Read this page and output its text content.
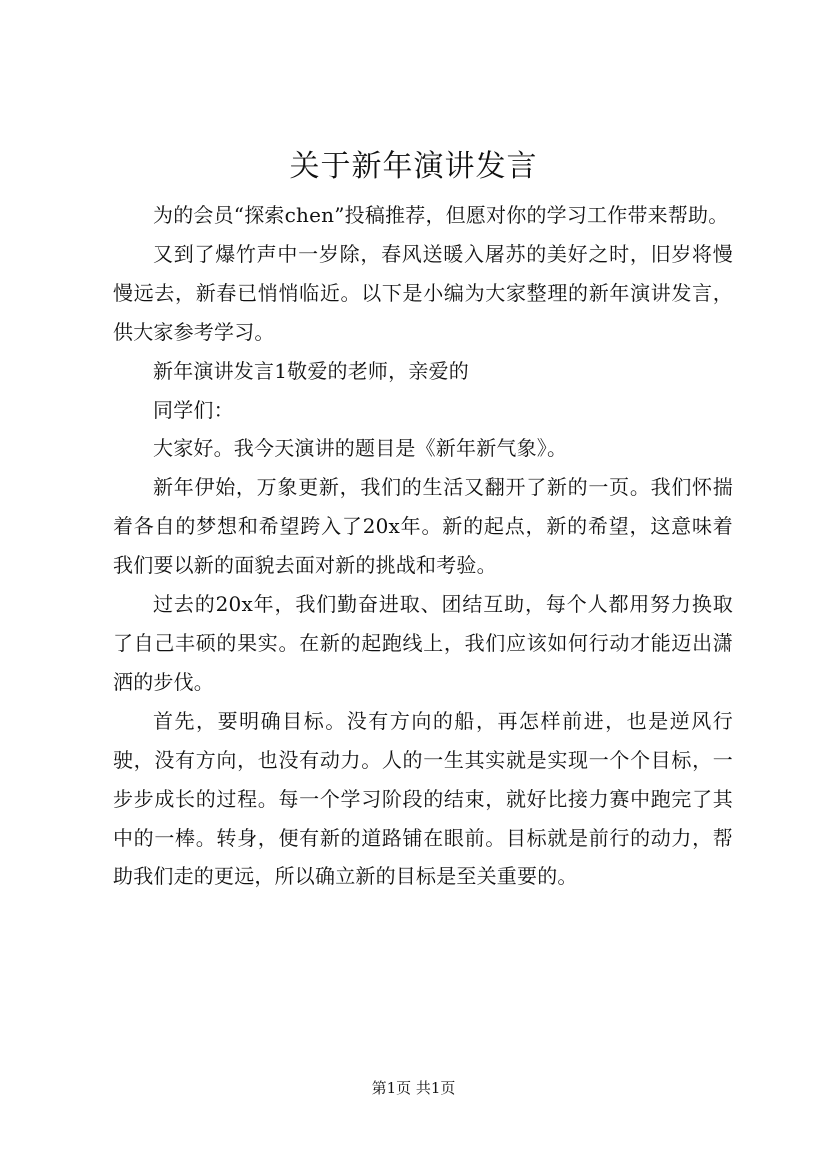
关于新年演讲发言

为的会员“探索chen”投稿推荐，但愿对你的学习工作带来帮助。

又到了爆竹声中一岁除，春风送暖入屠苏的美好之时，旧岁将慢慢远去，新春已悄悄临近。以下是小编为大家整理的新年演讲发言，供大家参考学习。

新年演讲发言1敬爱的老师，亲爱的

同学们：

大家好。我今天演讲的题目是《新年新气象》。

新年伊始，万象更新，我们的生活又翻开了新的一页。我们怀揣着各自的梦想和希望跨入了20x年。新的起点，新的希望，这意味着我们要以新的面貌去面对新的挑战和考验。

过去的20x年，我们勤奋进取、团结互助，每个人都用努力换取了自己丰硕的果实。在新的起跑线上，我们应该如何行动才能迈出潇洒的步伐。

首先，要明确目标。没有方向的船，再怎样前进，也是逆风行驶，没有方向，也没有动力。人的一生其实就是实现一个个目标，一步步成长的过程。每一个学习阶段的结束，就好比接力赛中跑完了其中的一棒。转身，便有新的道路铺在眼前。目标就是前行的动力，帮助我们走的更远，所以确立新的目标是至关重要的。

第1页 共1页
